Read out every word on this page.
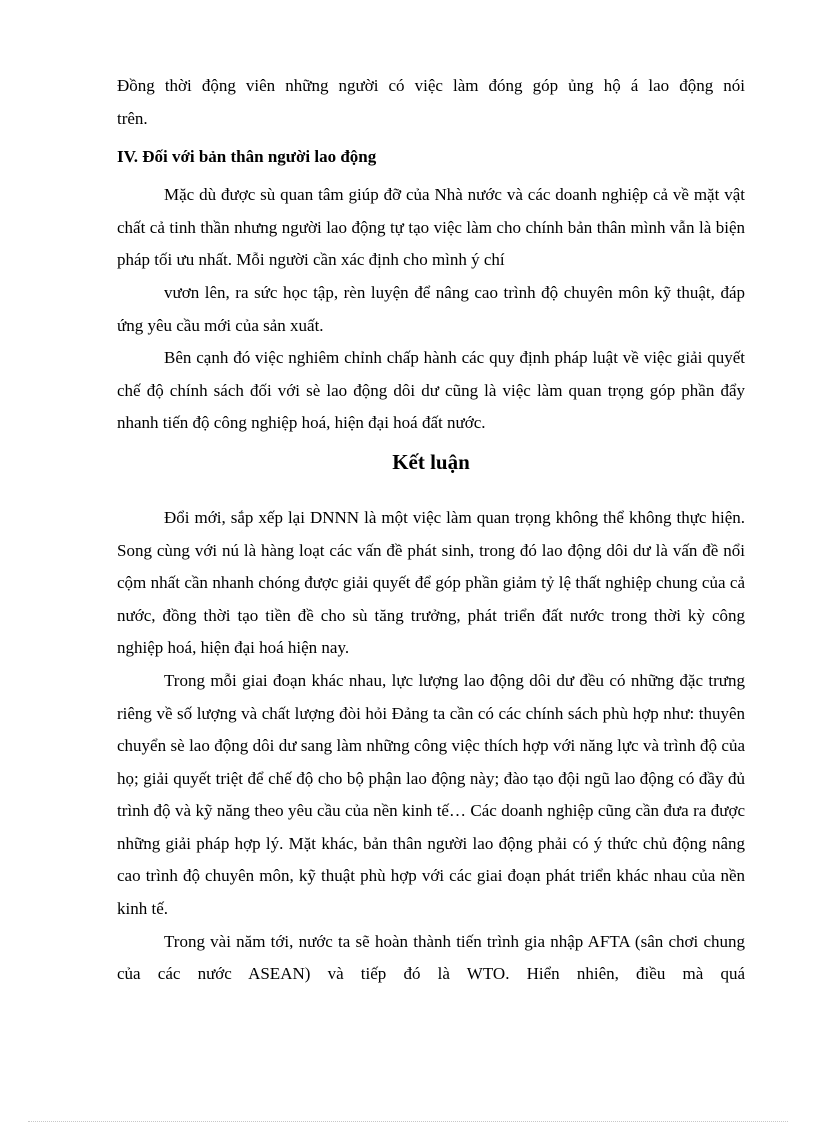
Đồng thời động viên những người có việc làm đóng góp ủng hộ á lao động nói

trên.

IV. Đối với bản thân người lao động

Mặc dù được sù quan tâm giúp đỡ của Nhà nước và các doanh nghiệp cả về mặt vật chất cả tinh thần nhưng người lao động tự tạo việc làm cho chính bản thân mình vẫn là biện pháp tối ưu nhất. Mỗi người cần xác định cho mình ý chí

vươn lên, ra sức học tập, rèn luyện để nâng cao trình độ chuyên môn kỹ thuật, đáp ứng yêu cầu mới của sản xuất.

Bên cạnh đó việc nghiêm chỉnh chấp hành các quy định pháp luật về việc giải quyết chế độ chính sách đối với sè lao động dôi dư cũng là việc làm quan trọng góp phần đẩy nhanh tiến độ công nghiệp hoá, hiện đại hoá đất nước.

Kết luận

Đổi mới, sắp xếp lại DNNN là một việc làm quan trọng không thể không thực hiện. Song cùng với nú là hàng loạt các vấn đề phát sinh, trong đó lao động dôi dư là vấn đề nổi cộm nhất cần nhanh chóng được giải quyết để góp phần giảm tỷ lệ thất nghiệp chung của cả nước, đồng thời tạo tiền đề cho sù tăng trưởng, phát triển đất nước trong thời kỳ công nghiệp hoá, hiện đại hoá hiện nay.

Trong mỗi giai đoạn khác nhau, lực lượng lao động dôi dư đều có những đặc trưng riêng về số lượng và chất lượng đòi hỏi Đảng ta cần có các chính sách phù hợp như: thuyên chuyển sè lao động dôi dư sang làm những công việc thích hợp với năng lực và trình độ của họ; giải quyết triệt để chế độ cho bộ phận lao động này; đào tạo đội ngũ lao động có đầy đủ trình độ và kỹ năng theo yêu cầu của nền kinh tế… Các doanh nghiệp cũng cần đưa ra được những giải pháp hợp lý. Mặt khác, bản thân người lao động phải có ý thức chủ động nâng cao trình độ chuyên môn, kỹ thuật phù hợp với các giai đoạn phát triển khác nhau của nền kinh tế.

Trong vài năm tới, nước ta sẽ hoàn thành tiến trình gia nhập AFTA (sân chơi chung của các nước ASEAN) và tiếp đó là WTO. Hiển nhiên, điều mà quá
